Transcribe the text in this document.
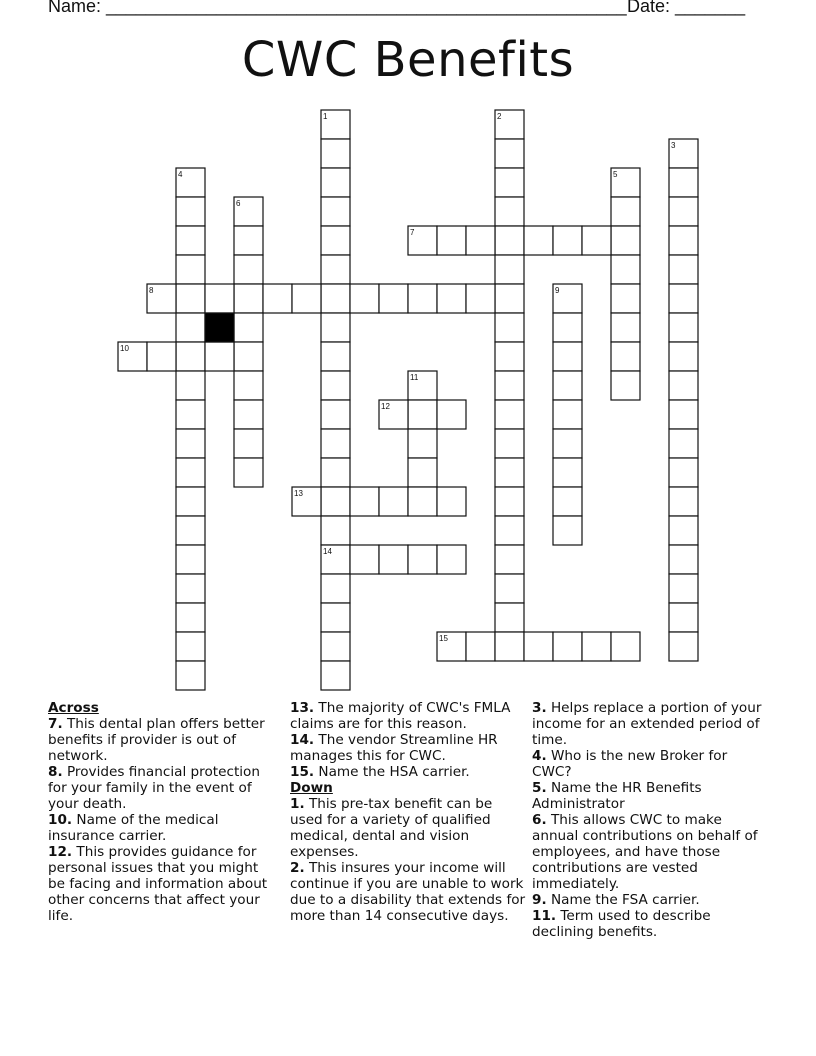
Name: ____________________________________________________ Date: _______
CWC Benefits
1	2
3
4	5
6
7
8	9
10
11
12
13
14
15
Across
7. This dental plan offers better benefits if provider is out of network.
8. Provides financial protection for your family in the event of your death.
10. Name of the medical insurance carrier.
12. This provides guidance for personal issues that you might be facing and information about other concerns that affect your life.
13. The majority of CWC's FMLA claims are for this reason.
14. The vendor Streamline HR manages this for CWC.
15. Name the HSA carrier.
Down
1. This pre-tax benefit can be used for a variety of qualified medical, dental and vision expenses.
2. This insures your income will continue if you are unable to work due to a disability that extends for more than 14 consecutive days.
3. Helps replace a portion of your income for an extended period of time.
4. Who is the new Broker for CWC?
5. Name the HR Benefits Administrator
6. This allows CWC to make annual contributions on behalf of employees, and have those contributions are vested immediately.
9. Name the FSA carrier.
11. Term used to describe declining benefits.
